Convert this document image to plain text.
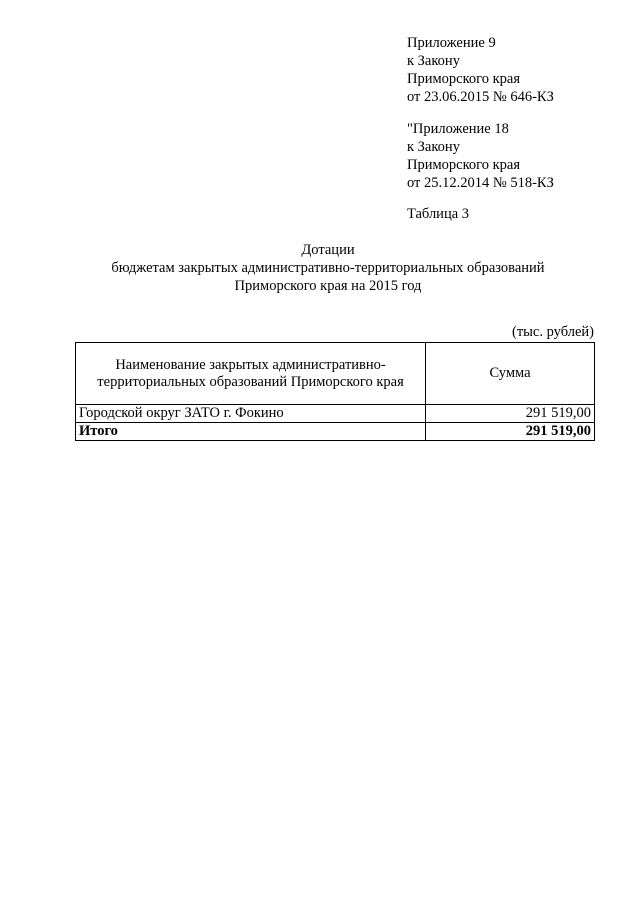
Приложение 9
к Закону
Приморского края
от 23.06.2015 № 646-КЗ
"Приложение 18
к Закону
Приморского края
от 25.12.2014 № 518-КЗ
Таблица 3
Дотации
бюджетам закрытых административно-территориальных образований
Приморского края на 2015 год
(тыс. рублей)
Наименование закрытых административно-
территориальных образований Приморского края	Сумма
Городской округ ЗАТО г. Фокино	291 519,00
Итого	291 519,00
